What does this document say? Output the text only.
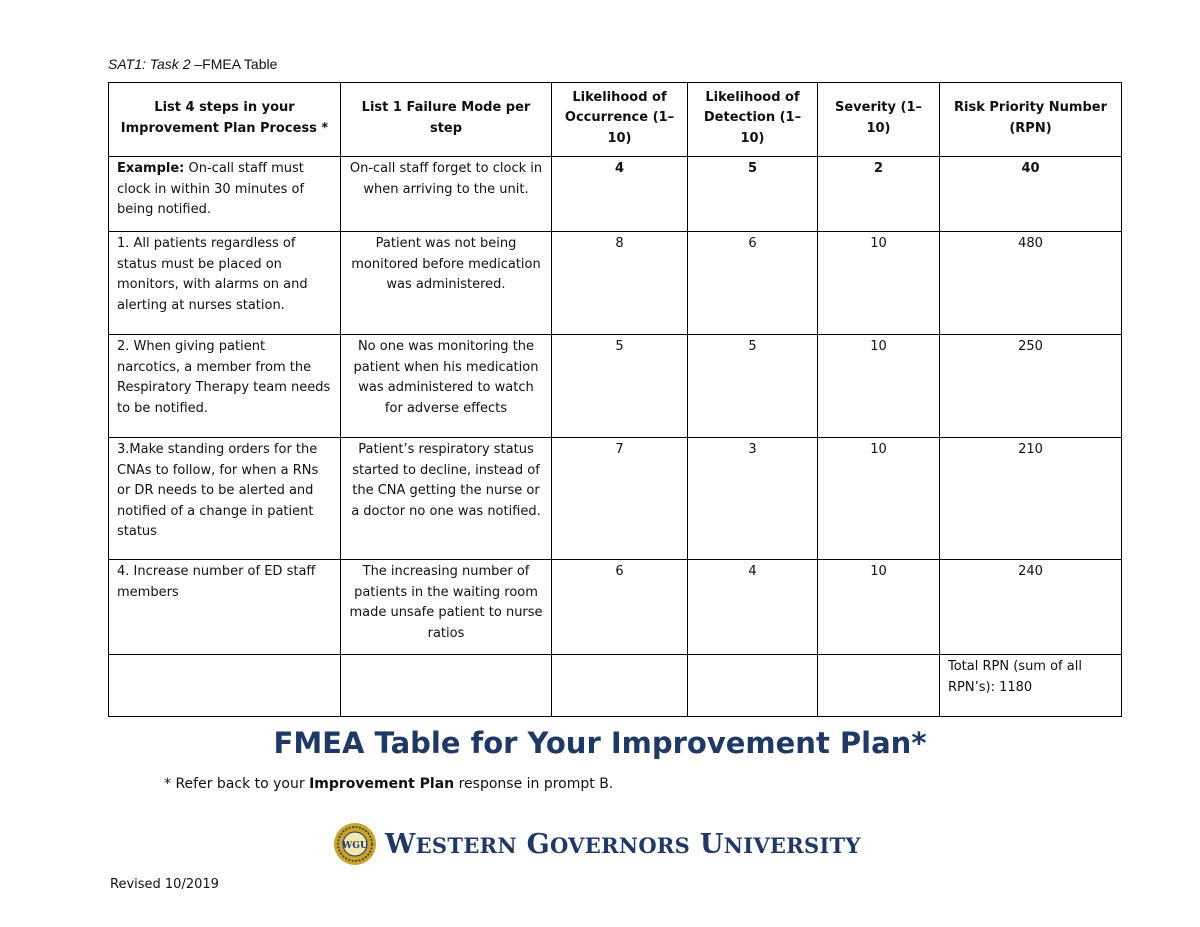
SAT1: Task 2 –FMEA Table
List 4 steps in your Improvement Plan Process *	List 1 Failure Mode per step	Likelihood of Occurrence (1–10)	Likelihood of Detection (1–10)	Severity (1–10)	Risk Priority Number (RPN)
Example: On-call staff must clock in within 30 minutes of being notified.	On-call staff forget to clock in when arriving to the unit.	4	5	2	40
1. All patients regardless of status must be placed on monitors, with alarms on and alerting at nurses station.	Patient was not being monitored before medication was administered.	8	6	10	480
2. When giving patient narcotics, a member from the Respiratory Therapy team needs to be notified.	No one was monitoring the patient when his medication was administered to watch for adverse effects	5	5	10	250
3.Make standing orders for the CNAs to follow, for when a RNs or DR needs to be alerted and notified of a change in patient status	Patient’s respiratory status started to decline, instead of the CNA getting the nurse or a doctor no one was notified.	7	3	10	210
4. Increase number of ED staff members	The increasing number of patients in the waiting room made unsafe patient to nurse ratios	6	4	10	240
					Total RPN (sum of all RPN’s): 1180
FMEA Table for Your Improvement Plan*
* Refer back to your Improvement Plan response in prompt B.
WGU WESTERN GOVERNORS UNIVERSITY
Revised 10/2019
